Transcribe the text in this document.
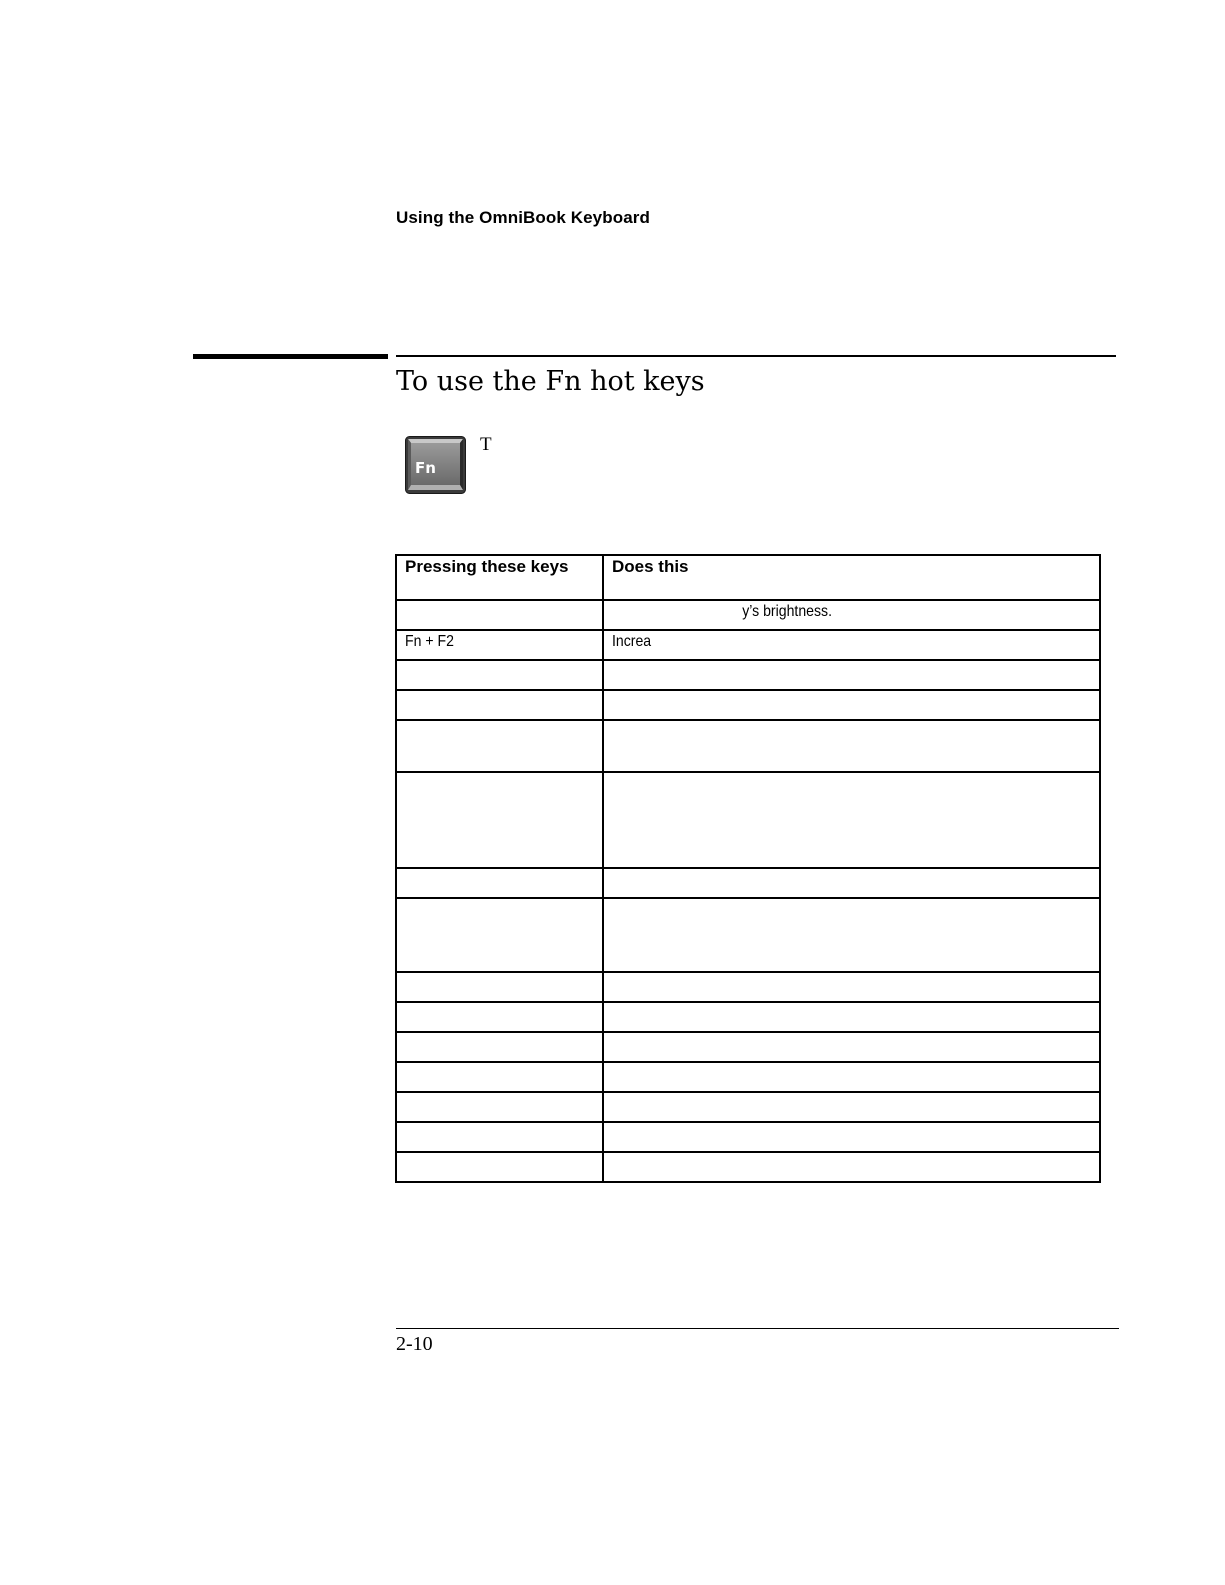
Using the OmniBook Keyboard
To use the Fn hot keys
Fn
T
Pressing these keys	Does this

	y’s brightness.

Fn + F2	Increa

2-10
